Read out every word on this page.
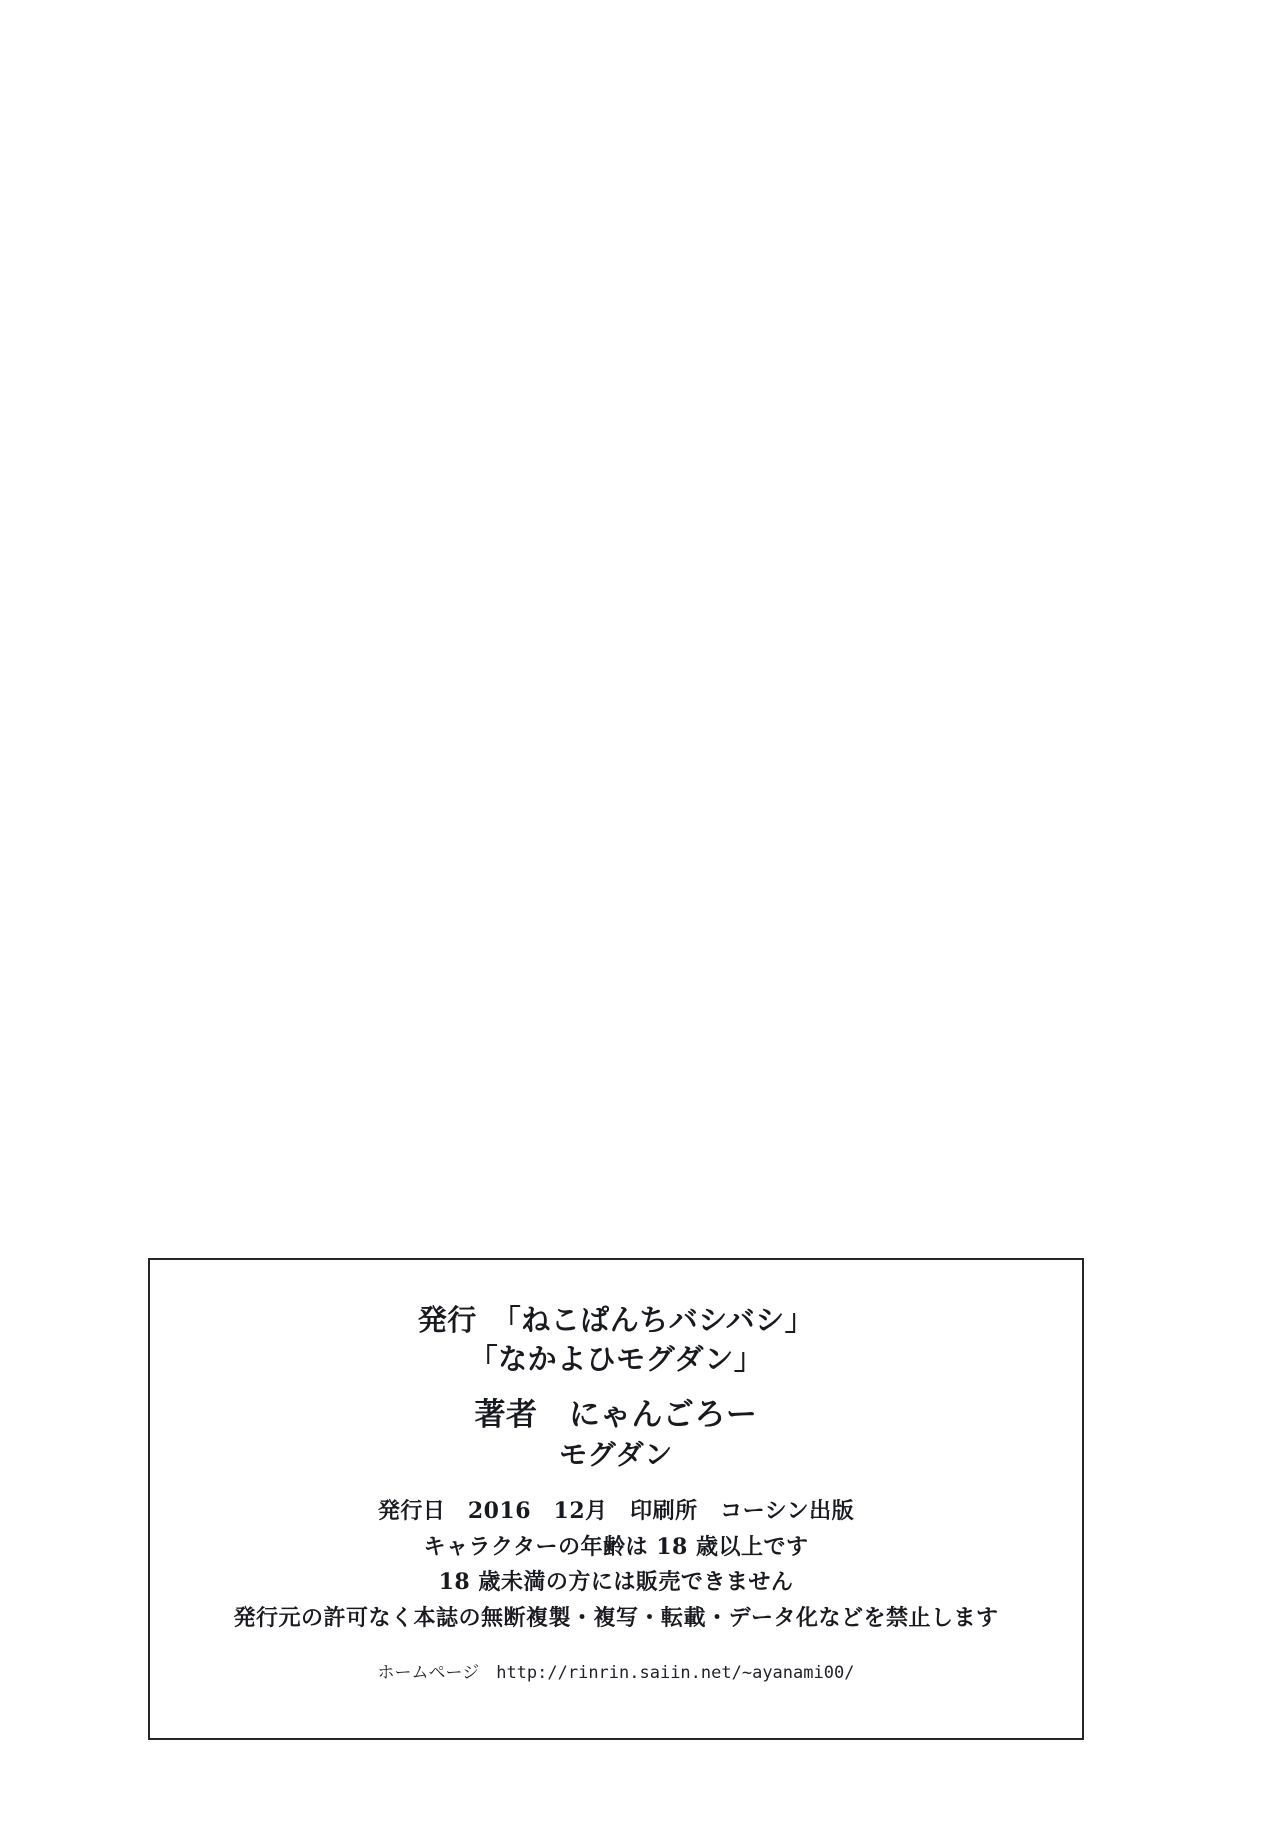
発行　「ねこぱんちバシバシ」
「なかよひモグダン」
著者　にゃんごろー
モグダン
発行日　2016　12月　印刷所　コーシン出版
キャラクターの年齢は 18 歳以上です
18 歳未満の方には販売できません
発行元の許可なく本誌の無断複製・複写・転載・データ化などを禁止します
ホームページ　http://rinrin.saiin.net/~ayanami00/
